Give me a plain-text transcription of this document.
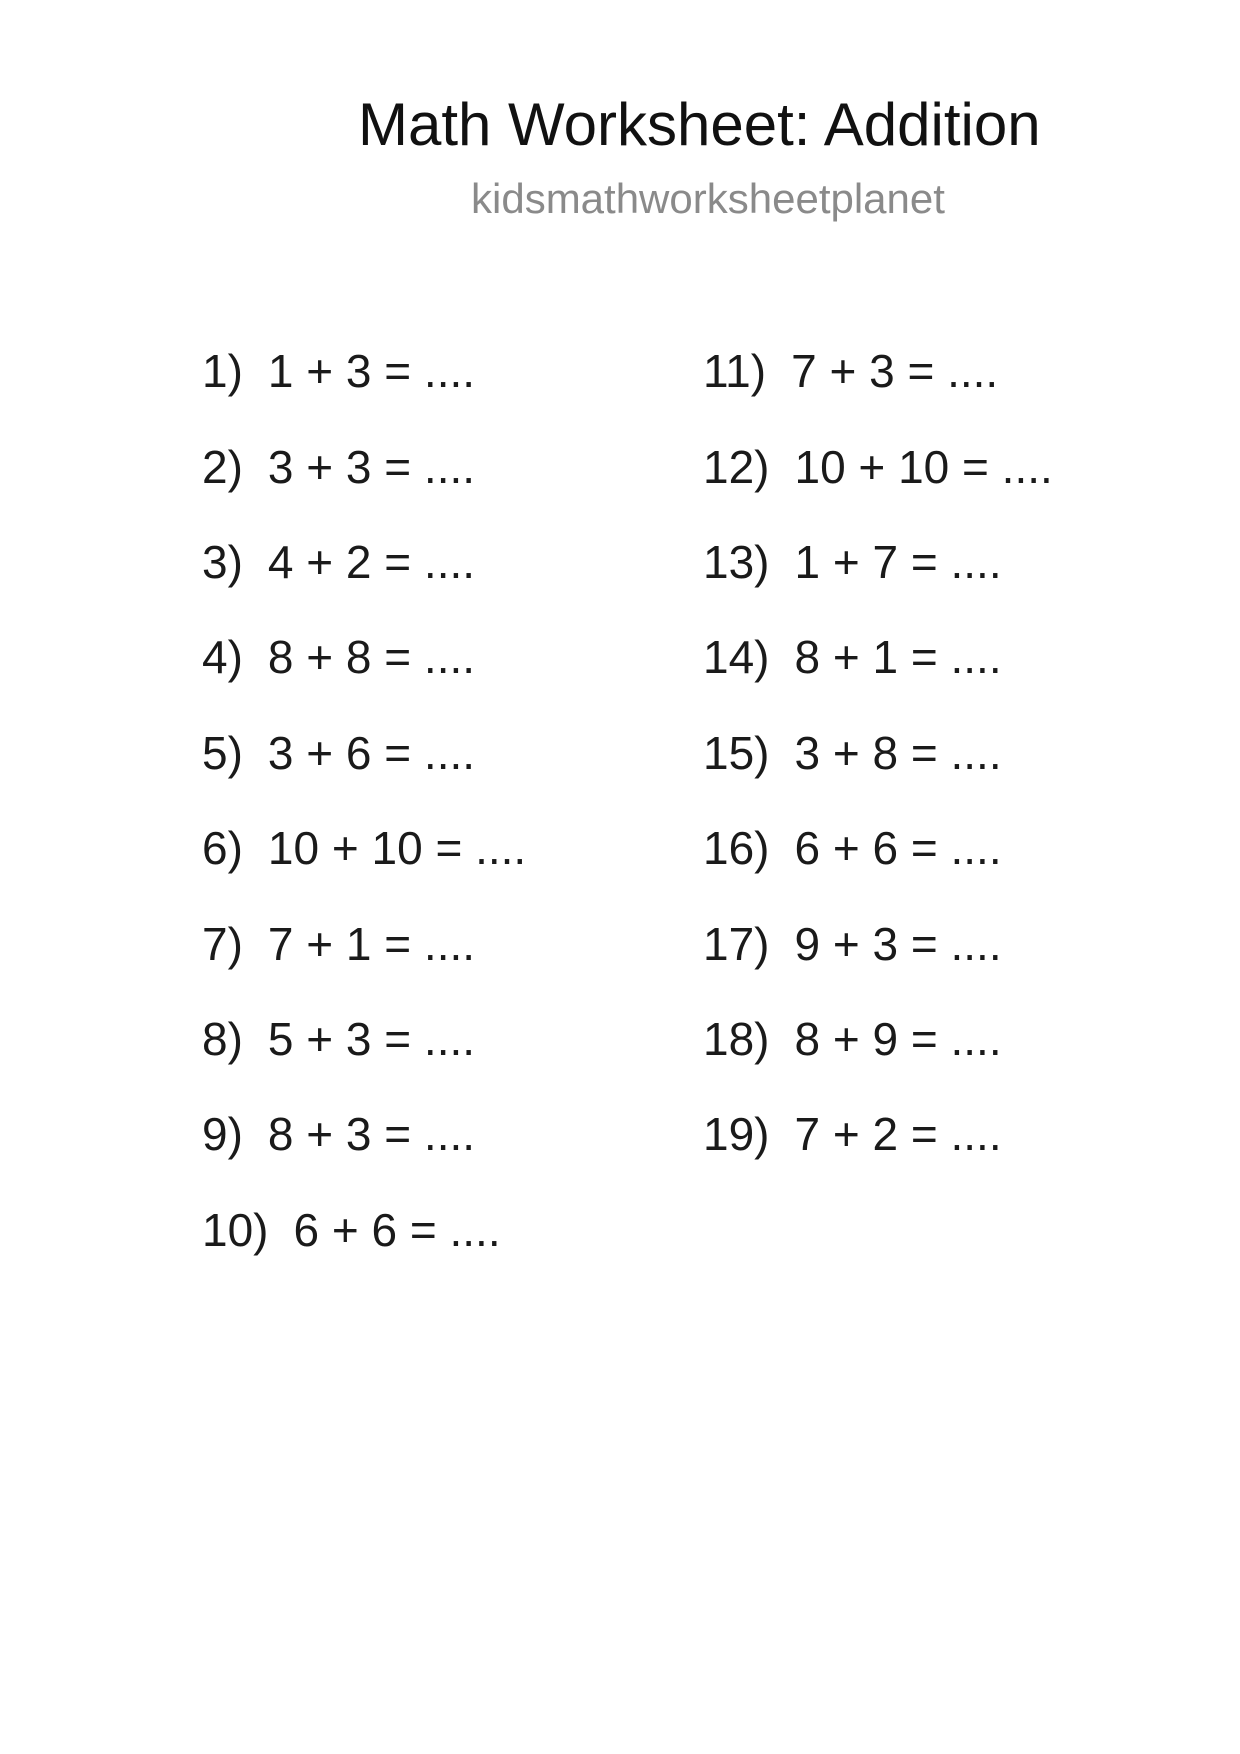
Math Worksheet: Addition
kidsmathworksheetplanet
1) 1 + 3 = ....
2) 3 + 3 = ....
3) 4 + 2 = ....
4) 8 + 8 = ....
5) 3 + 6 = ....
6) 10 + 10 = ....
7) 7 + 1 = ....
8) 5 + 3 = ....
9) 8 + 3 = ....
10) 6 + 6 = ....
11) 7 + 3 = ....
12) 10 + 10 = ....
13) 1 + 7 = ....
14) 8 + 1 = ....
15) 3 + 8 = ....
16) 6 + 6 = ....
17) 9 + 3 = ....
18) 8 + 9 = ....
19) 7 + 2 = ....
